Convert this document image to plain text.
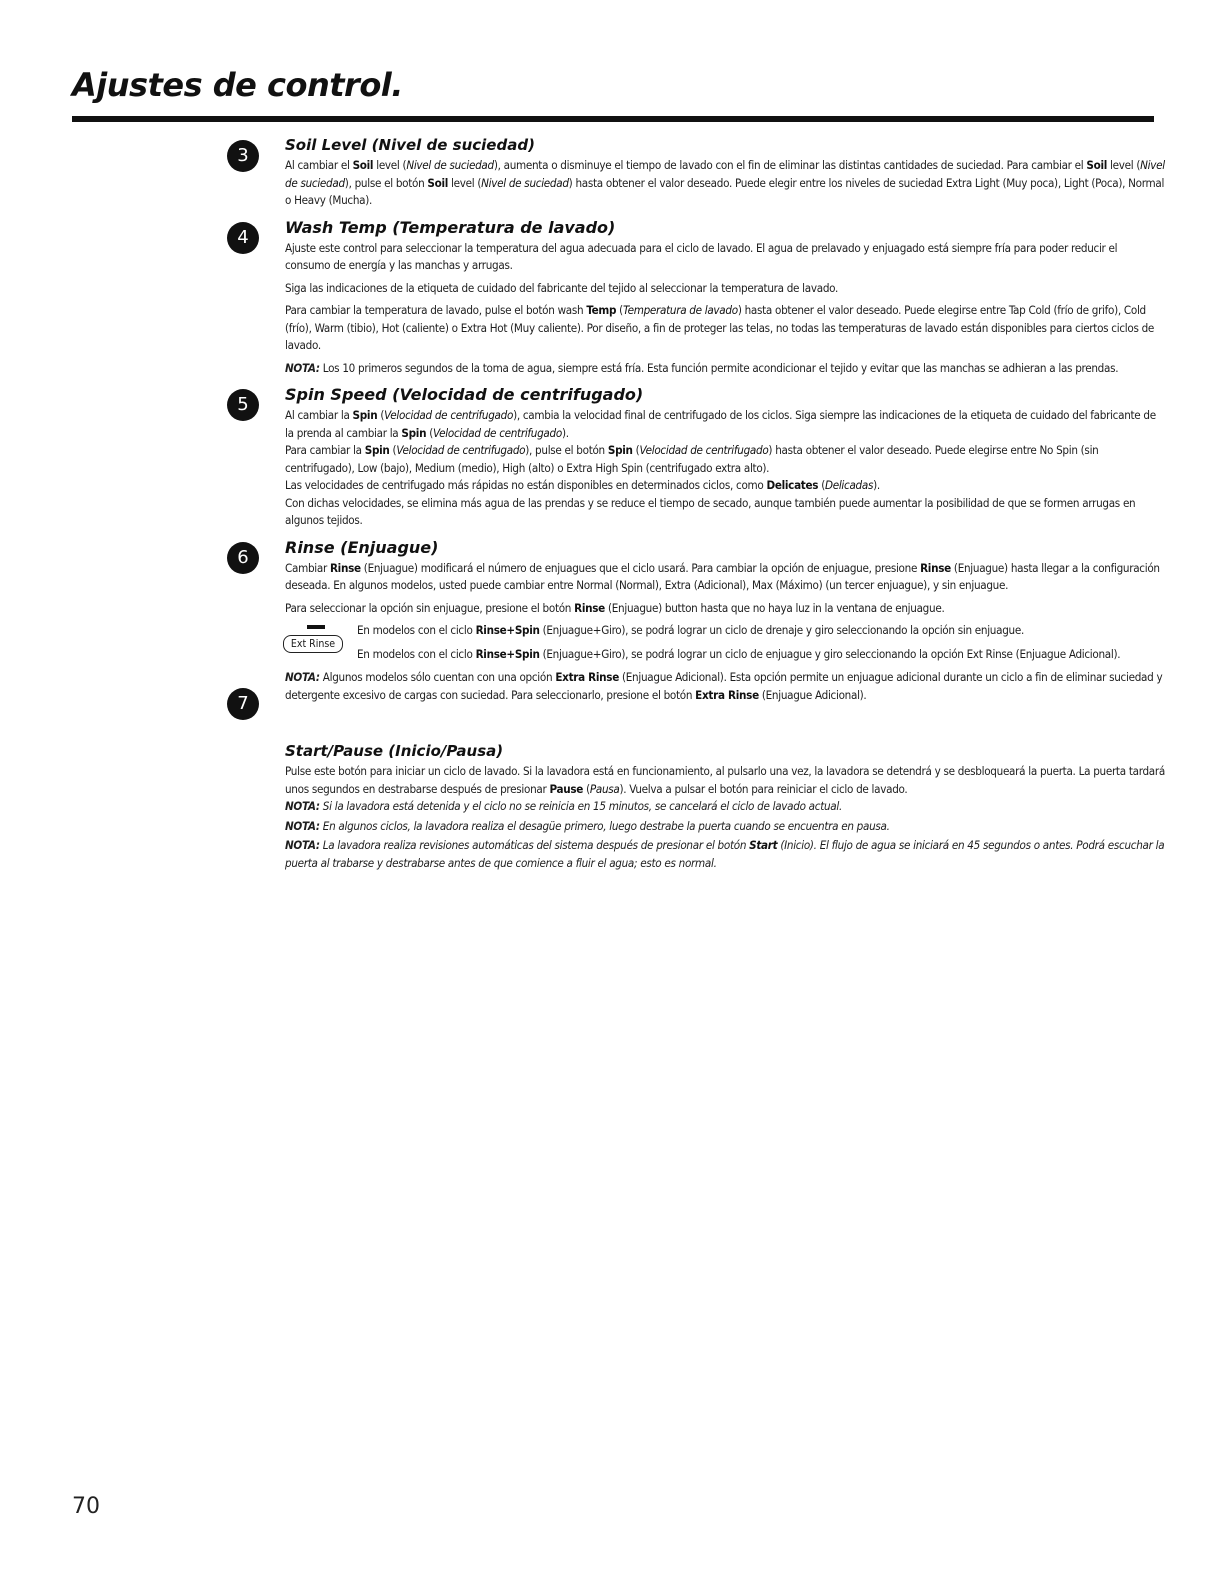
Ajustes de control.
3	Soil Level (Nivel de suciedad)

Al cambiar el Soil level (Nivel de suciedad), aumenta o disminuye el tiempo de lavado con el fin de eliminar las distintas cantidades de suciedad. Para cambiar el Soil level (Nivel de suciedad), pulse el botón Soil level (Nivel de suciedad) hasta obtener el valor deseado. Puede elegir entre los niveles de suciedad Extra Light (Muy poca), Light (Poca), Normal o Heavy (Mucha).

4	Wash Temp (Temperatura de lavado)

Ajuste este control para seleccionar la temperatura del agua adecuada para el ciclo de lavado. El agua de prelavado y enjuagado está siempre fría para poder reducir el consumo de energía y las manchas y arrugas.

Siga las indicaciones de la etiqueta de cuidado del fabricante del tejido al seleccionar la temperatura de lavado.

Para cambiar la temperatura de lavado, pulse el botón wash Temp (Temperatura de lavado) hasta obtener el valor deseado. Puede elegirse entre Tap Cold (frío de grifo), Cold (frío), Warm (tibio), Hot (caliente) o Extra Hot (Muy caliente). Por diseño, a fin de proteger las telas, no todas las temperaturas de lavado están disponibles para ciertos ciclos de lavado.

NOTA: Los 10 primeros segundos de la toma de agua, siempre está fría. Esta función permite acondicionar el tejido y evitar que las manchas se adhieran a las prendas.

5	Spin Speed (Velocidad de centrifugado)

Al cambiar la Spin (Velocidad de centrifugado), cambia la velocidad final de centrifugado de los ciclos. Siga siempre las indicaciones de la etiqueta de cuidado del fabricante de la prenda al cambiar la Spin (Velocidad de centrifugado).

Para cambiar la Spin (Velocidad de centrifugado), pulse el botón Spin (Velocidad de centrifugado) hasta obtener el valor deseado. Puede elegirse entre No Spin (sin centrifugado), Low (bajo), Medium (medio), High (alto) o Extra High Spin (centrifugado extra alto).

Las velocidades de centrifugado más rápidas no están disponibles en determinados ciclos, como Delicates (Delicadas).

Con dichas velocidades, se elimina más agua de las prendas y se reduce el tiempo de secado, aunque también puede aumentar la posibilidad de que se formen arrugas en algunos tejidos.

6
7
Rinse (Enjuague)

Cambiar Rinse (Enjuague) modificará el número de enjuagues que el ciclo usará. Para cambiar la opción de enjuague, presione Rinse (Enjuague) hasta llegar a la configuración deseada. En algunos modelos, usted puede cambiar entre Normal (Normal), Extra (Adicional), Max (Máximo) (un tercer enjuague), y sin enjuague.

Para seleccionar la opción sin enjuague, presione el botón Rinse (Enjuague) button hasta que no haya luz in la ventana de enjuague.

Ext Rinse

En modelos con el ciclo Rinse+Spin (Enjuague+Giro), se podrá lograr un ciclo de drenaje y giro seleccionando la opción sin enjuague.

En modelos con el ciclo Rinse+Spin (Enjuague+Giro), se podrá lograr un ciclo de enjuague y giro seleccionando la opción Ext Rinse (Enjuague Adicional).

NOTA: Algunos modelos sólo cuentan con una opción Extra Rinse (Enjuague Adicional). Esta opción permite un enjuague adicional durante un ciclo a fin de eliminar suciedad y detergente excesivo de cargas con suciedad. Para seleccionarlo, presione el botón Extra Rinse (Enjuague Adicional).

Start/Pause (Inicio/Pausa)

Pulse este botón para iniciar un ciclo de lavado. Si la lavadora está en funcionamiento, al pulsarlo una vez, la lavadora se detendrá y se desbloqueará la puerta. La puerta tardará unos segundos en destrabarse después de presionar Pause (Pausa). Vuelva a pulsar el botón para reiniciar el ciclo de lavado.

NOTA: Si la lavadora está detenida y el ciclo no se reinicia en 15 minutos, se cancelará el ciclo de lavado actual.

NOTA: En algunos ciclos, la lavadora realiza el desagüe primero, luego destrabe la puerta cuando se encuentra en pausa.

NOTA: La lavadora realiza revisiones automáticas del sistema después de presionar el botón Start (Inicio). El flujo de agua se iniciará en 45 segundos o antes. Podrá escuchar la puerta al trabarse y destrabarse antes de que comience a fluir el agua; esto es normal.

70
